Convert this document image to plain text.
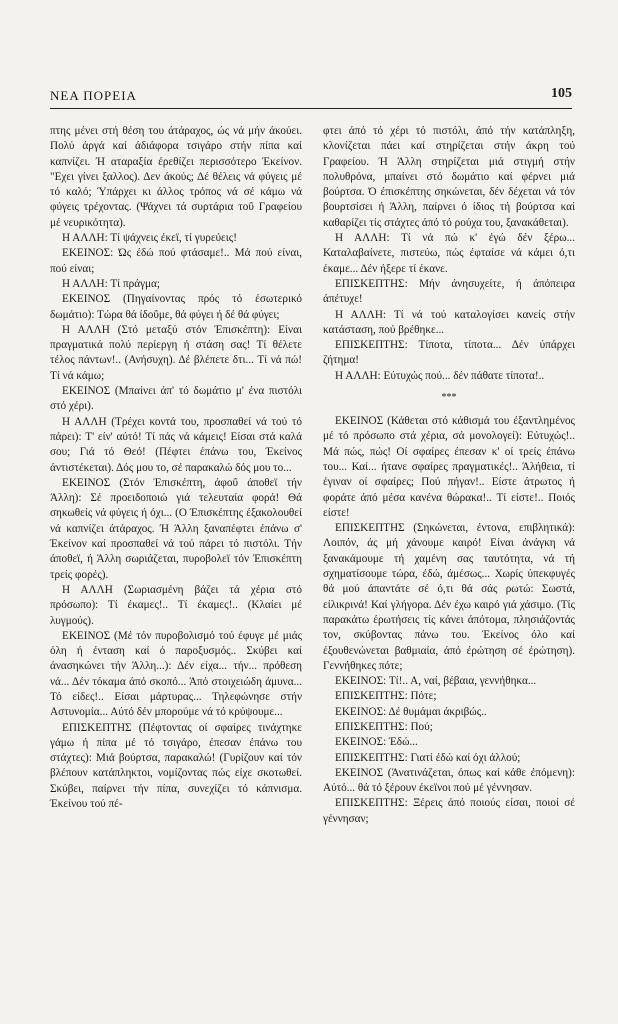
ΝΕΑ ΠΟΡΕΙΑ	105

πτης μένει στή θέση του άτάραχος, ώς νά μήν άκούει. Πολύ άργά καί άδιάφορα τσιγάρο στήν πίπα καί καπνίζει. Ή αταραξία έρεθίζει περισσότερο Έκείνον. "Εχει γίνει ξαλλος). Δεν άκούς; Δέ θέλεις νά φύγεις μέ τό καλό; Ύπάρχει κι άλλος τρόπος νά σέ κάμω νά φύγεις τρέχοντας. (Ψάχνει τά συρτάρια τοΰ Γραφείου μέ νευρικότητα).

Η ΑΛΛΗ: Τί ψάχνεις έκεϊ, τί γυρεύεις!

ΕΚΕΙΝΟΣ: Ώς έδώ πού φτάσαμε!.. Μά πού είναι, πού είναι;

Η ΑΛΛΗ: Τί πράγμα;

ΕΚΕΙΝΟΣ (Πηγαίνοντας πρός τό έσωτερικό δωμάτιο): Τώρα θά ίδοΰμε, θά φύγει ή δέ θά φύγει;

Η ΑΛΛΗ (Στό μεταξύ στόν Έπισκέπτη): Είναι πραγματικά πολύ περίεργη ή στάση σας! Τί θέλετε τέλος πάντων!.. (Ανήσυχη). Δέ βλέπετε δτι... Τί νά πώ! Τί νά κάμω;

ΕΚΕΙΝΟΣ (Μπαίνει άπ' τό δωμάτιο μ' ένα πιστόλι στό χέρι).

Η ΑΛΛΗ (Τρέχει κοντά του, προσπαθεί νά τού τό πάρει): Τ' είν' αύτό! Τί πάς νά κάμεις! Είσαι στά καλά σου; Γιά τό Θεό! (Πέφτει έπάνω του, Έκείνος άντιστέκεται). Δός μου το, σέ παρακαλώ δός μου το...

ΕΚΕΙΝΟΣ (Στόν Έπισκέπτη, άφοΰ άποθεϊ τήν Άλλη): Σέ προειδοποιώ γιά τελευταία φορά! Θά σηκωθείς νά φύγεις ή όχι... (Ο Έπισκέπτης έξακολουθεί νά καπνίζει άτάραχος. Ή Άλλη ξαναπέφτει έπάνω σ' Έκείνον καί προσπαθεί νά τού πάρει τό πιστόλι. Τήν άποθεϊ, ή Άλλη σωριάζεται, πυροβολεϊ τόν Έπισκέπτη τρείς φορές).

Η ΑΛΛΗ (Σωριασμένη βάζει τά χέρια στό πρόσωπο): Τί έκαμες!.. Τί έκαμες!.. (Κλαίει μέ λυγμούς).

ΕΚΕΙΝΟΣ (Μέ τόν πυροβολισμό τού έφυγε μέ μιάς όλη ή ένταση καί ό παροξυσμός.. Σκύβει καί άνασηκώνει τήν Άλλη...): Δέν είχα... τήν... πρόθεση νά... Δέν τόκαμα άπό σκοπό... Άπό στοιχειώδη άμυνα... Τό είδες!.. Είσαι μάρτυρας... Τηλεφώνησε στήν Αστυνομία... Αύτό δέν μπορούμε νά τό κρύψουμε...

ΕΠΙΣΚΕΠΤΗΣ (Πέφτοντας οί σφαίρες τινάχτηκε γάμω ή πίπα μέ τό τσιγάρο, έπεσαν έπάνω του στάχτες): Μιά βούρτσα, παρακαλώ! (Γυρίζουν καί τόν βλέπουν κατάπληκτοι, νομίζοντας πώς είχε σκοτωθεί. Σκύβει, παίρνει τήν πίπα, συνεχίζει τό κάπνισμα. Έκείνου τού πέ-

φτει άπό τό χέρι τό πιστόλι, άπό τήν κατάπληξη, κλονίζεται πάει καί στηρίζεται στήν άκρη τού Γραφείου. Ή Άλλη στηρίζεται μιά στιγμή στήν πολυθρόνα, μπαίνει στό δωμάτιο καί φέρνει μιά βούρτσα. Ό έπισκέπτης σηκώνεται, δέν δέχεται νά τόν βουρτσίσει ή Άλλη, παίρνει ό ίδιος τή βούρτσα καί καθαρίζει τίς στάχτες άπό τό ρούχα του, ξανακάθεται).

Η ΑΛΛΗ: Τί νά πώ κ' έγώ δέν ξέρω... Καταλαβαίνετε, πιστεύω, πώς έφταίσε νά κάμει ό,τι έκαμε... Δέν ήξερε τί έκανε.

ΕΠΙΣΚΕΠΤΗΣ: Μήν άνησυχείτε, ή άπόπειρα άπέτυχε!

Η ΑΛΛΗ: Τί νά τού καταλογίσει κανείς στήν κατάσταση, πού βρέθηκε...

ΕΠΙΣΚΕΠΤΗΣ: Τίποτα, τίποτα... Δέν ύπάρχει ζήτημα!

Η ΑΛΛΗ: Εύτυχώς πού... δέν πάθατε τίποτα!..

***

ΕΚΕΙΝΟΣ (Κάθεται στό κάθισμά του έξαντλημένος μέ τό πρόσωπο στά χέρια, σά μονολογεί): Εύτυχώς!.. Μά πώς, πώς! Οί σφαίρες έπεσαν κ' οί τρείς έπάνω του... Καί... ήτανε σφαίρες πραγματικές!.. Άλήθεια, τί έγιναν οί σφαίρες; Πού πήγαν!.. Είστε άτρωτος ή φοράτε άπό μέσα κανένα θώρακα!.. Τί είστε!.. Ποιός είστε!

ΕΠΙΣΚΕΠΤΗΣ (Σηκώνεται, έντονα, επιβλητικά): Λοιπόν, άς μή χάνουμε καιρό! Είναι άνάγκη νά ξανακάμουμε τή χαμένη σας ταυτότητα, νά τή σχηματίσουμε τώρα, έδώ, άμέσως... Χωρίς ύπεκφυγές θά μού άπαντάτε σέ ό,τι θά σάς ρωτώ: Σωστά, είλικρινά! Καί γλήγορα. Δέν έχω καιρό γιά χάσιμο. (Τίς παρακάτω έρωτήσεις τίς κάνει άπότομα, πλησιάζοντάς τον, σκύβοντας πάνω του. Έκείνος όλο καί έξουθενώνεται βαθμιαία, άπό έρώτηση σέ έρώτηση). Γεννήθηκες πότε;

ΕΚΕΙΝΟΣ: Τί!.. Α, ναί, βέβαια, γεννήθηκα...

ΕΠΙΣΚΕΠΤΗΣ: Πότε;

ΕΚΕΙΝΟΣ: Δέ θυμάμαι άκριβώς..

ΕΠΙΣΚΕΠΤΗΣ: Πού;

ΕΚΕΙΝΟΣ: Έδώ...

ΕΠΙΣΚΕΠΤΗΣ: Γιατί έδώ καί όχι άλλού;

ΕΚΕΙΝΟΣ (Άνατινάζεται, όπως καί κάθε έπόμενη): Αύτό... θά τό ξέρουν έκεϊνοι πού μέ γέννησαν.

ΕΠΙΣΚΕΠΤΗΣ: Ξέρεις άπό ποιούς είσαι, ποιοί σέ γέννησαν;
